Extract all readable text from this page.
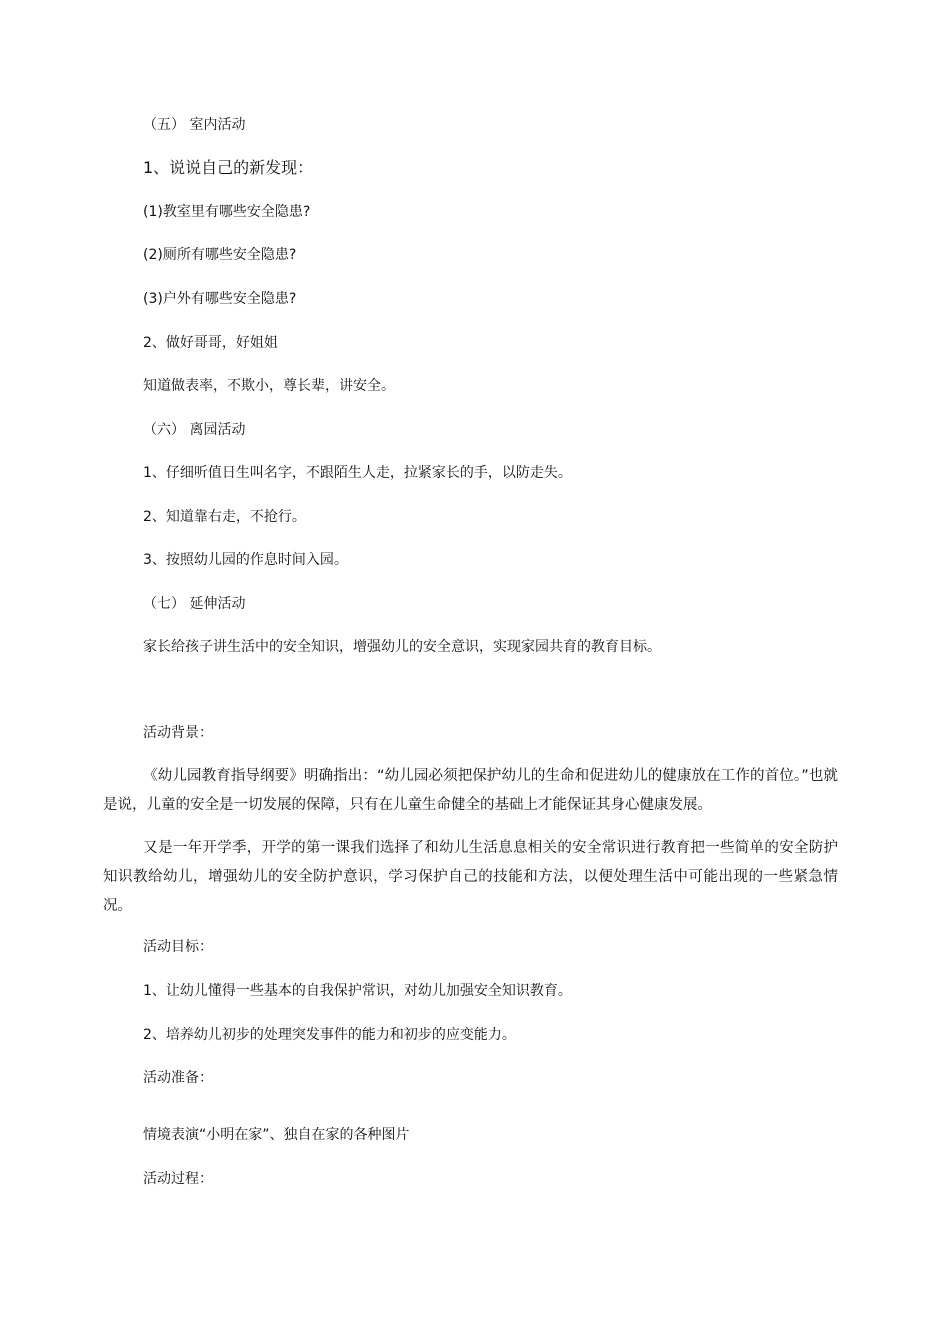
（五） 室内活动
1、说说自己的新发现：
(1)教室里有哪些安全隐患?
(2)厕所有哪些安全隐患?
(3)户外有哪些安全隐患?
2、做好哥哥，好姐姐
知道做表率，不欺小，尊长辈，讲安全。
（六） 离园活动
1、仔细听值日生叫名字，不跟陌生人走，拉紧家长的手，以防走失。
2、知道靠右走，不抢行。
3、按照幼儿园的作息时间入园。
（七） 延伸活动
家长给孩子讲生活中的安全知识，增强幼儿的安全意识，实现家园共育的教育目标。
活动背景：
《幼儿园教育指导纲要》明确指出：“幼儿园必须把保护幼儿的生命和促进幼儿的健康放在工作的首位。”也就是说，儿童的安全是一切发展的保障，只有在儿童生命健全的基础上才能保证其身心健康发展。
又是一年开学季，开学的第一课我们选择了和幼儿生活息息相关的安全常识进行教育把一些简单的安全防护知识教给幼儿，增强幼儿的安全防护意识，学习保护自己的技能和方法，以便处理生活中可能出现的一些紧急情况。
活动目标：
1、让幼儿懂得一些基本的自我保护常识，对幼儿加强安全知识教育。
2、培养幼儿初步的处理突发事件的能力和初步的应变能力。
活动准备：
情境表演“小明在家”、独自在家的各种图片
活动过程：
